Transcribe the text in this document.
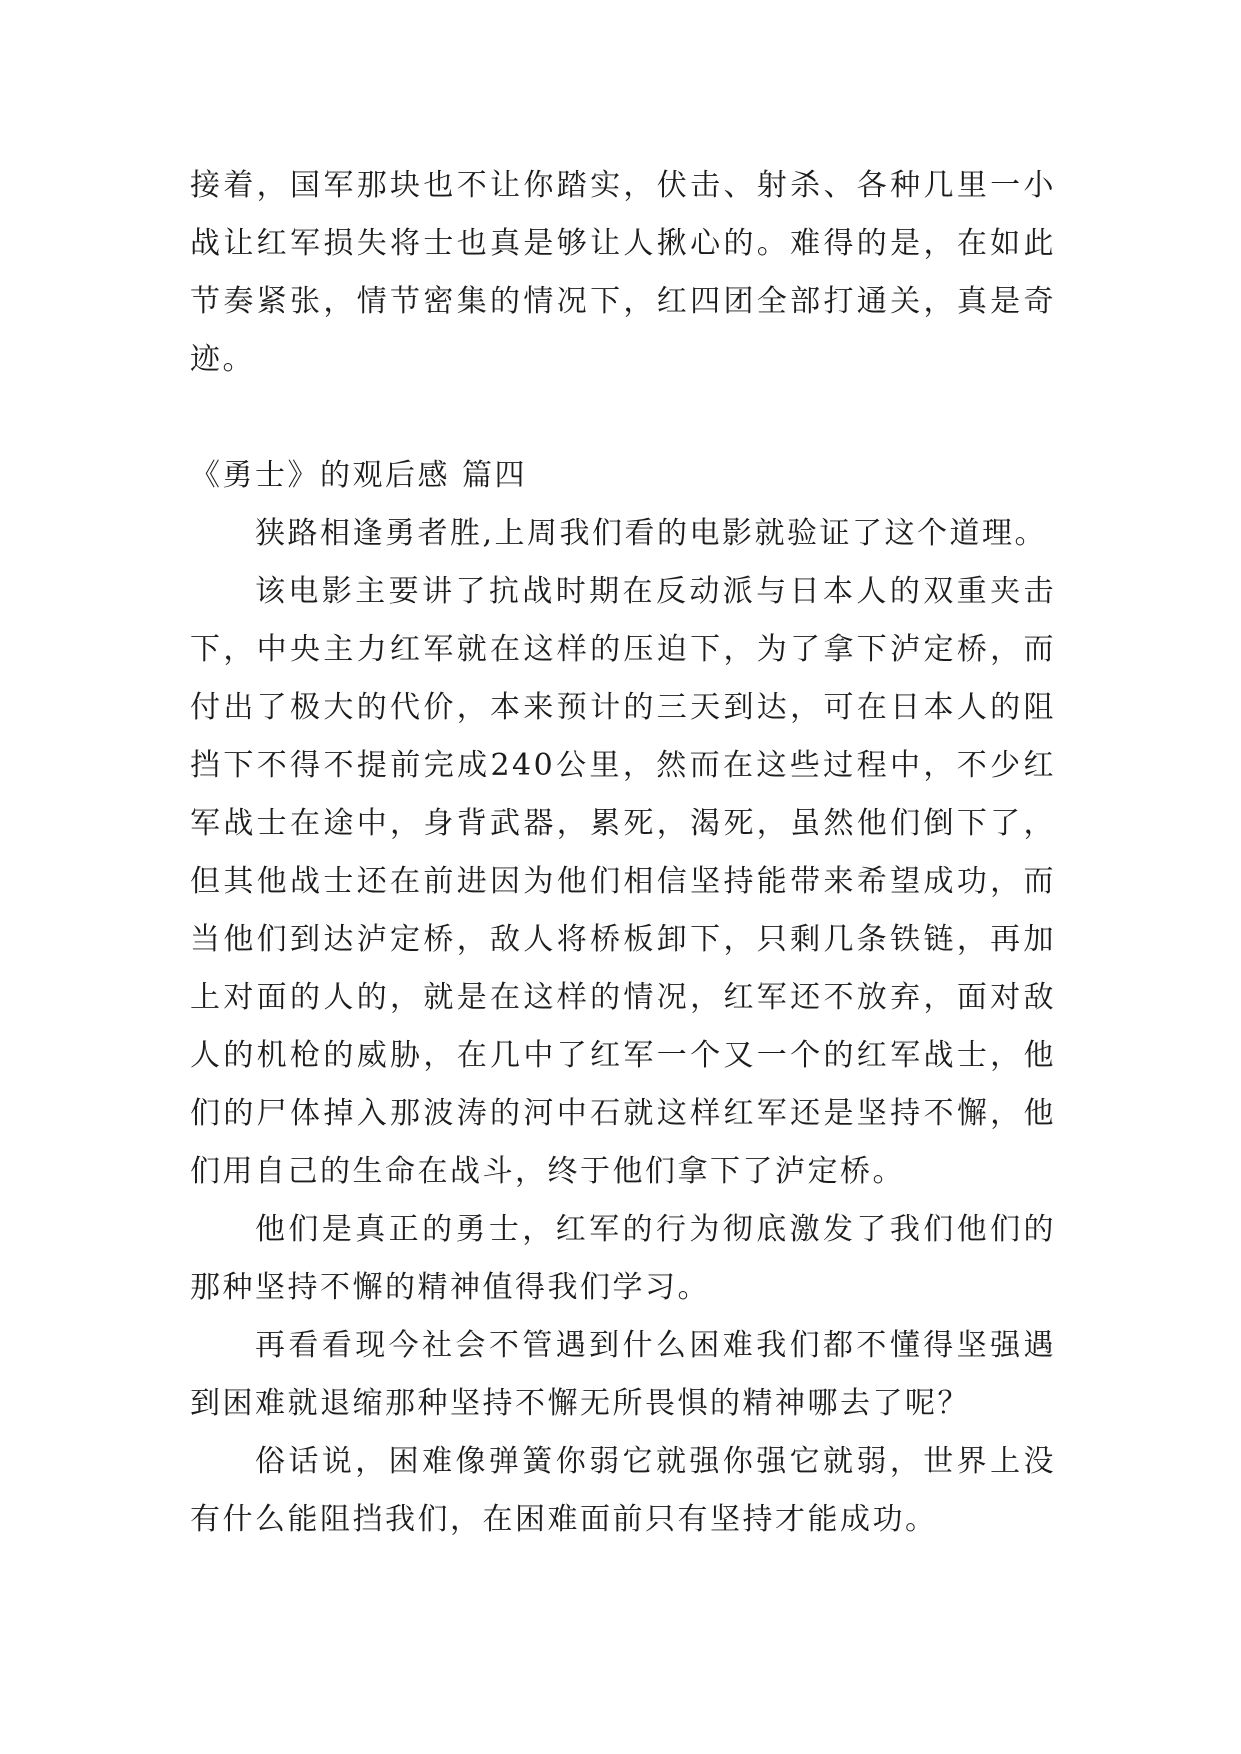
接着，国军那块也不让你踏实，伏击、射杀、各种几里一小战让红军损失将士也真是够让人揪心的。难得的是，在如此节奏紧张，情节密集的情况下，红四团全部打通关，真是奇迹。

《勇士》的观后感 篇四

狭路相逢勇者胜,上周我们看的电影就验证了这个道理。

该电影主要讲了抗战时期在反动派与日本人的双重夹击下，中央主力红军就在这样的压迫下，为了拿下泸定桥，而付出了极大的代价，本来预计的三天到达，可在日本人的阻挡下不得不提前完成240公里，然而在这些过程中，不少红军战士在途中，身背武器，累死，渴死，虽然他们倒下了，但其他战士还在前进因为他们相信坚持能带来希望成功，而当他们到达泸定桥，敌人将桥板卸下，只剩几条铁链，再加上对面的人的，就是在这样的情况，红军还不放弃，面对敌人的机枪的威胁，在几中了红军一个又一个的红军战士，他们的尸体掉入那波涛的河中石就这样红军还是坚持不懈，他们用自己的生命在战斗，终于他们拿下了泸定桥。

他们是真正的勇士，红军的行为彻底激发了我们他们的那种坚持不懈的精神值得我们学习。

再看看现今社会不管遇到什么困难我们都不懂得坚强遇到困难就退缩那种坚持不懈无所畏惧的精神哪去了呢？

俗话说，困难像弹簧你弱它就强你强它就弱，世界上没有什么能阻挡我们，在困难面前只有坚持才能成功。
